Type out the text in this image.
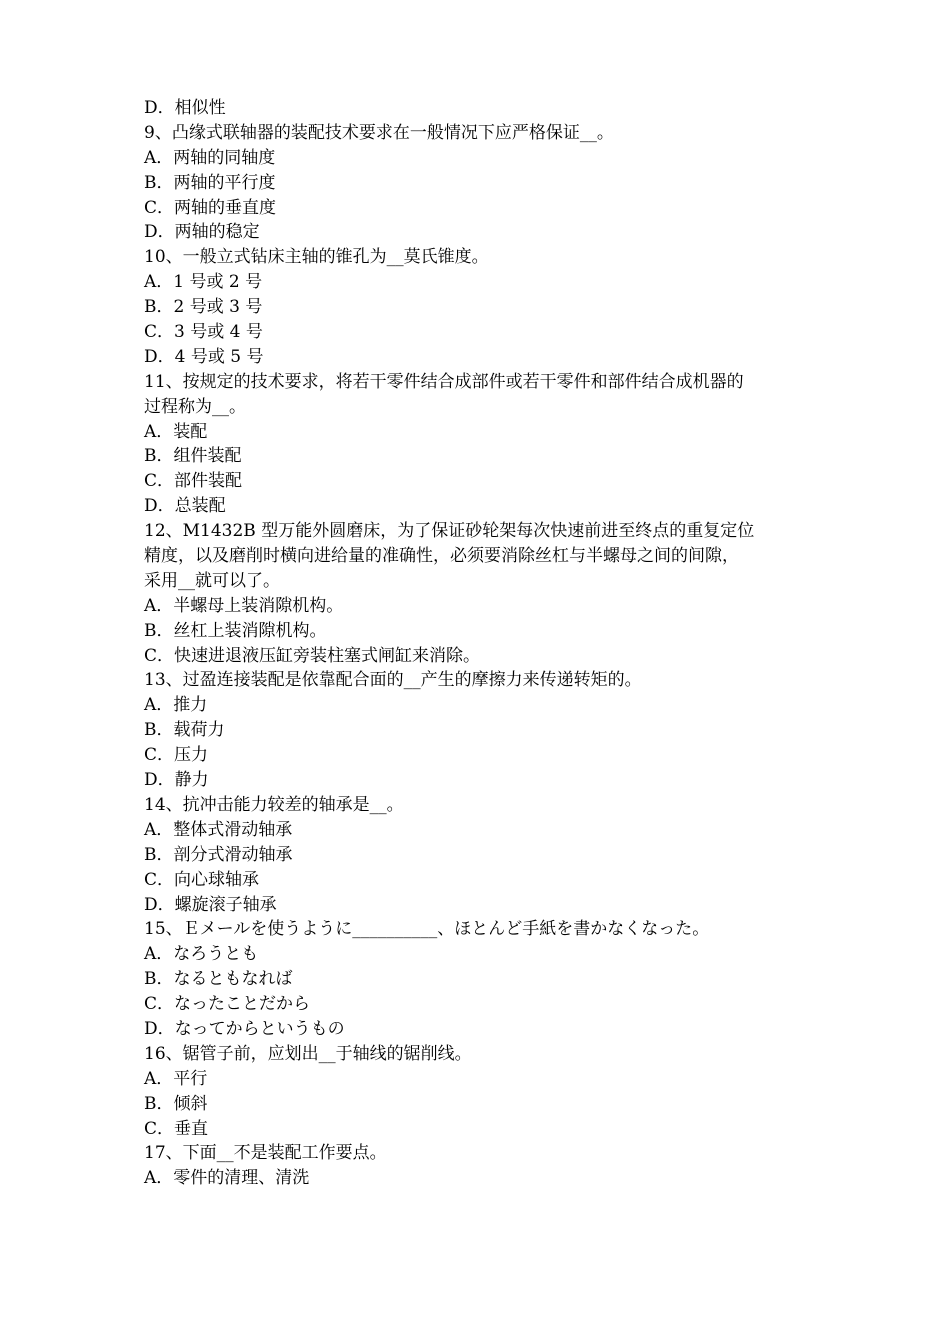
D．相似性
9、凸缘式联轴器的装配技术要求在一般情况下应严格保证__。
A．两轴的同轴度
B．两轴的平行度
C．两轴的垂直度
D．两轴的稳定
10、一般立式钻床主轴的锥孔为__莫氏锥度。
A．1 号或 2 号
B．2 号或 3 号
C．3 号或 4 号
D．4 号或 5 号
11、按规定的技术要求，将若干零件结合成部件或若干零件和部件结合成机器的
过程称为__。
A．装配
B．组件装配
C．部件装配
D．总装配
12、M1432B 型万能外圆磨床，为了保证砂轮架每次快速前进至终点的重复定位
精度，以及磨削时横向进给量的准确性，必须要消除丝杠与半螺母之间的间隙，
采用__就可以了。
A．半螺母上装消隙机构。
B．丝杠上装消隙机构。
C．快速进退液压缸旁装柱塞式闸缸来消除。
13、过盈连接装配是依靠配合面的__产生的摩擦力来传递转矩的。
A．推力
B．载荷力
C．压力
D．静力
14、抗冲击能力较差的轴承是__。
A．整体式滑动轴承
B．剖分式滑动轴承
C．向心球轴承
D．螺旋滚子轴承
15、Ｅメールを使うように__________、ほとんど手紙を書かなくなった。
A．なろうとも
B．なるともなれば
C．なったことだから
D．なってからというもの
16、锯管子前，应划出__于轴线的锯削线。
A．平行
B．倾斜
C．垂直
17、下面__不是装配工作要点。
A．零件的清理、清洗
